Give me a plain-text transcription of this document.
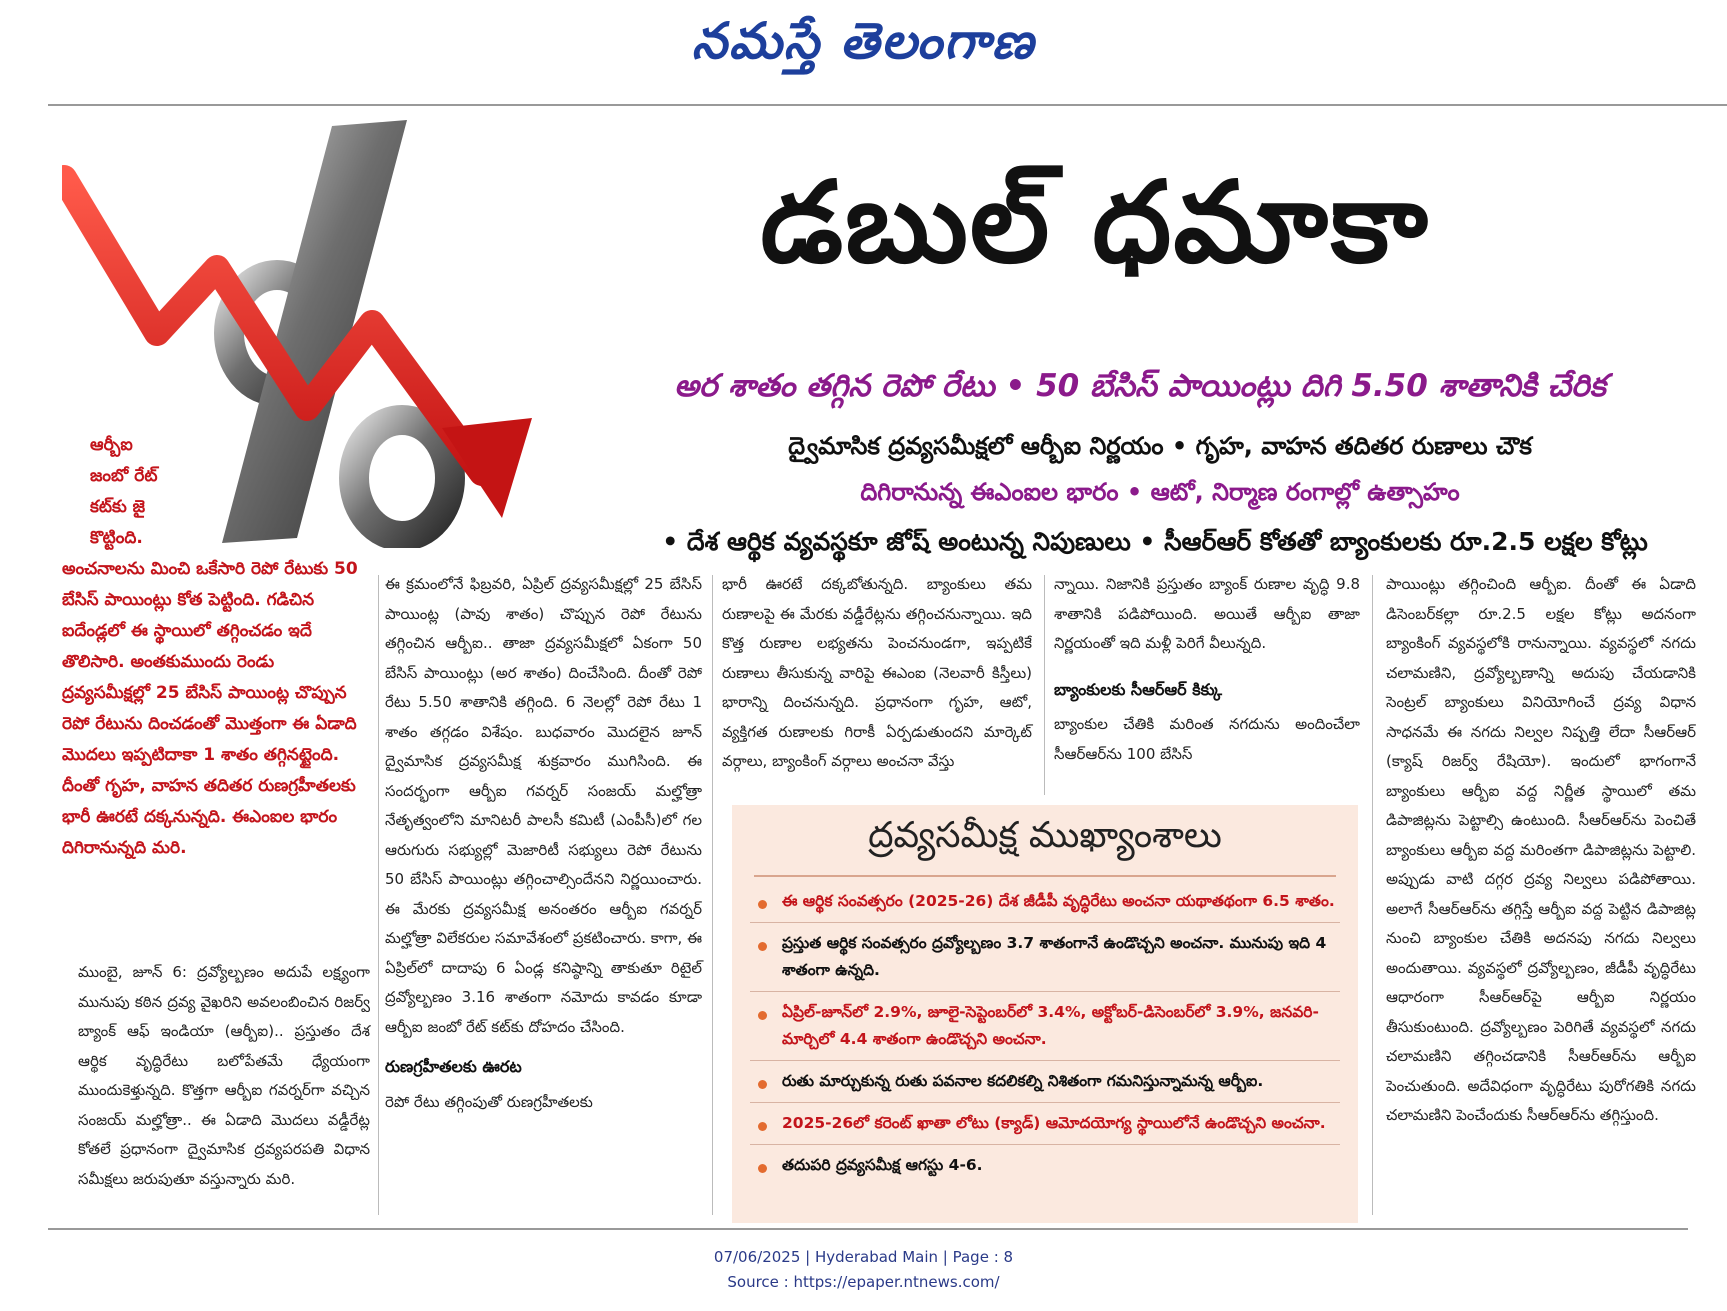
నమస్తే తెలంగాణ
డబుల్ ధమాకా
అర శాతం తగ్గిన రెపో రేటు • 50 బేసిస్ పాయింట్లు దిగి 5.50 శాతానికి చేరిక
ద్వైమాసిక ద్రవ్యసమీక్షలో ఆర్బీఐ నిర్ణయం • గృహ, వాహన తదితర రుణాలు చౌక
దిగిరానున్న ఈఎంఐల భారం • ఆటో, నిర్మాణ రంగాల్లో ఉత్సాహం
• దేశ ఆర్థిక వ్యవస్థకూ జోష్ అంటున్న నిపుణులు • సీఆర్ఆర్ కోతతో బ్యాంకులకు రూ.2.5 లక్షల కోట్లు
ఆర్బీఐ
జంబో రేట్
కట్‌కు జై
కొట్టింది.
అంచనాలను మించి ఒకేసారి రెపో రేటుకు 50 బేసిస్ పాయింట్లు కోత పెట్టింది. గడిచిన ఐదేండ్లలో ఈ స్థాయిలో తగ్గించడం ఇదే తొలిసారి. అంతకుముందు రెండు ద్రవ్యసమీక్షల్లో 25 బేసిస్ పాయింట్ల చొప్పున రెపో రేటును దించడంతో మొత్తంగా ఈ ఏడాది మొదలు ఇప్పటిదాకా 1 శాతం తగ్గినట్టైంది. దీంతో గృహ, వాహన తదితర రుణగ్రహీతలకు భారీ ఊరటే దక్కనున్నది. ఈఎంఐల భారం దిగిరానున్నది మరి.

ముంబై, జూన్ 6: ద్రవ్యోల్బణం అదుపే లక్ష్యంగా మునుపు కఠిన ద్రవ్య వైఖరిని అవలంబించిన రిజర్వ్ బ్యాంక్ ఆఫ్ ఇండియా (ఆర్బీఐ).. ప్రస్తుతం దేశ ఆర్థిక వృద్ధిరేటు బలోపేతమే ధ్యేయంగా ముందుకెళ్తున్నది. కొత్తగా ఆర్బీఐ గవర్నర్‌గా వచ్చిన సంజయ్ మల్హోత్రా.. ఈ ఏడాది మొదలు వడ్డీరేట్ల కోతలే ప్రధానంగా ద్వైమాసిక ద్రవ్యపరపతి విధాన సమీక్షలు జరుపుతూ వస్తున్నారు మరి.

ఈ క్రమంలోనే ఫిబ్రవరి, ఏప్రిల్ ద్రవ్యసమీక్షల్లో 25 బేసిస్ పాయింట్ల (పావు శాతం) చొప్పున రెపో రేటును తగ్గించిన ఆర్బీఐ.. తాజా ద్రవ్యసమీక్షలో ఏకంగా 50 బేసిస్ పాయింట్లు (అర శాతం) దించేసింది. దీంతో రెపో రేటు 5.50 శాతానికి తగ్గింది. 6 నెలల్లో రెపో రేటు 1 శాతం తగ్గడం విశేషం. బుధవారం మొదలైన జూన్ ద్వైమాసిక ద్రవ్యసమీక్ష శుక్రవారం ముగిసింది. ఈ సందర్భంగా ఆర్బీఐ గవర్నర్ సంజయ్ మల్హోత్రా నేతృత్వంలోని మానిటరీ పాలసీ కమిటీ (ఎంపీసీ)లో గల ఆరుగురు సభ్యుల్లో మెజారిటీ సభ్యులు రెపో రేటును 50 బేసిస్ పాయింట్లు తగ్గించాల్సిందేనని నిర్ణయించారు. ఈ మేరకు ద్రవ్యసమీక్ష అనంతరం ఆర్బీఐ గవర్నర్ మల్హోత్రా విలేకరుల సమావేశంలో ప్రకటించారు. కాగా, ఈ ఏప్రిల్‌లో దాదాపు 6 ఏండ్ల కనిష్ఠాన్ని తాకుతూ రిటైల్ ద్రవ్యోల్బణం 3.16 శాతంగా నమోదు కావడం కూడా ఆర్బీఐ జంబో రేట్ కట్‌కు దోహదం చేసింది.

రుణగ్రహీతలకు ఊరట

రెపో రేటు తగ్గింపుతో రుణగ్రహీతలకు

భారీ ఊరటే దక్కబోతున్నది. బ్యాంకులు తమ రుణాలపై ఈ మేరకు వడ్డీరేట్లను తగ్గించనున్నాయి. ఇది కొత్త రుణాల లభ్యతను పెంచనుండగా, ఇప్పటికే రుణాలు తీసుకున్న వారిపై ఈఎంఐ (నెలవారీ కిస్తీలు) భారాన్ని దించనున్నది. ప్రధానంగా గృహ, ఆటో, వ్యక్తిగత రుణాలకు గిరాకీ ఏర్పడుతుందని మార్కెట్ వర్గాలు, బ్యాంకింగ్ వర్గాలు అంచనా వేస్తు

న్నాయి. నిజానికి ప్రస్తుతం బ్యాంక్ రుణాల వృద్ధి 9.8 శాతానికి పడిపోయింది. అయితే ఆర్బీఐ తాజా నిర్ణయంతో ఇది మళ్లీ పెరిగే వీలున్నది.

బ్యాంకులకు సీఆర్ఆర్ కిక్కు

బ్యాంకుల చేతికి మరింత నగదును అందించేలా సీఆర్ఆర్‌ను 100 బేసిస్

పాయింట్లు తగ్గించింది ఆర్బీఐ. దీంతో ఈ ఏడాది డిసెంబర్‌కల్లా రూ.2.5 లక్షల కోట్లు అదనంగా బ్యాంకింగ్ వ్యవస్థలోకి రానున్నాయి. వ్యవస్థలో నగదు చలామణిని, ద్రవ్యోల్బణాన్ని అదుపు చేయడానికి సెంట్రల్ బ్యాంకులు వినియోగించే ద్రవ్య విధాన సాధనమే ఈ నగదు నిల్వల నిష్పత్తి లేదా సీఆర్ఆర్ (క్యాష్ రిజర్వ్ రేషియో). ఇందులో భాగంగానే బ్యాంకులు ఆర్బీఐ వద్ద నిర్ణీత స్థాయిలో తమ డిపాజిట్లను పెట్టాల్సి ఉంటుంది. సీఆర్ఆర్‌ను పెంచితే బ్యాంకులు ఆర్బీఐ వద్ద మరింతగా డిపాజిట్లను పెట్టాలి. అప్పుడు వాటి దగ్గర ద్రవ్య నిల్వలు పడిపోతాయి. అలాగే సీఆర్ఆర్‌ను తగ్గిస్తే ఆర్బీఐ వద్ద పెట్టిన డిపాజిట్ల నుంచి బ్యాంకుల చేతికి అదనపు నగదు నిల్వలు అందుతాయి. వ్యవస్థలో ద్రవ్యోల్బణం, జీడీపీ వృద్ధిరేటు ఆధారంగా సీఆర్ఆర్‌పై ఆర్బీఐ నిర్ణయం తీసుకుంటుంది. ద్రవ్యోల్బణం పెరిగితే వ్యవస్థలో నగదు చలామణిని తగ్గించడానికి సీఆర్ఆర్‌ను ఆర్బీఐ పెంచుతుంది. అదేవిధంగా వృద్ధిరేటు పురోగతికి నగదు చలామణిని పెంచేందుకు సీఆర్ఆర్‌ను తగ్గిస్తుంది.

ద్రవ్యసమీక్ష ముఖ్యాంశాలు
ఈ ఆర్థిక సంవత్సరం (2025-26) దేశ జీడీపీ వృద్ధిరేటు అంచనా యథాతథంగా 6.5 శాతం.
ప్రస్తుత ఆర్థిక సంవత్సరం ద్రవ్యోల్బణం 3.7 శాతంగానే ఉండొచ్చని అంచనా. మునుపు ఇది 4 శాతంగా ఉన్నది.
ఏప్రిల్-జూన్‌లో 2.9%, జూలై-సెప్టెంబర్‌లో 3.4%, అక్టోబర్-డిసెంబర్‌లో 3.9%, జనవరి-మార్చిలో 4.4 శాతంగా ఉండొచ్చని అంచనా.
రుతు మార్చుకున్న రుతు పవనాల కదలికల్ని నిశితంగా గమనిస్తున్నామన్న ఆర్బీఐ.
2025-26లో కరెంట్ ఖాతా లోటు (క్యాడ్) ఆమోదయోగ్య స్థాయిలోనే ఉండొచ్చని అంచనా.
తదుపరి ద్రవ్యసమీక్ష ఆగస్టు 4-6.
07/06/2025 | Hyderabad Main | Page : 8
Source : https://epaper.ntnews.com/
